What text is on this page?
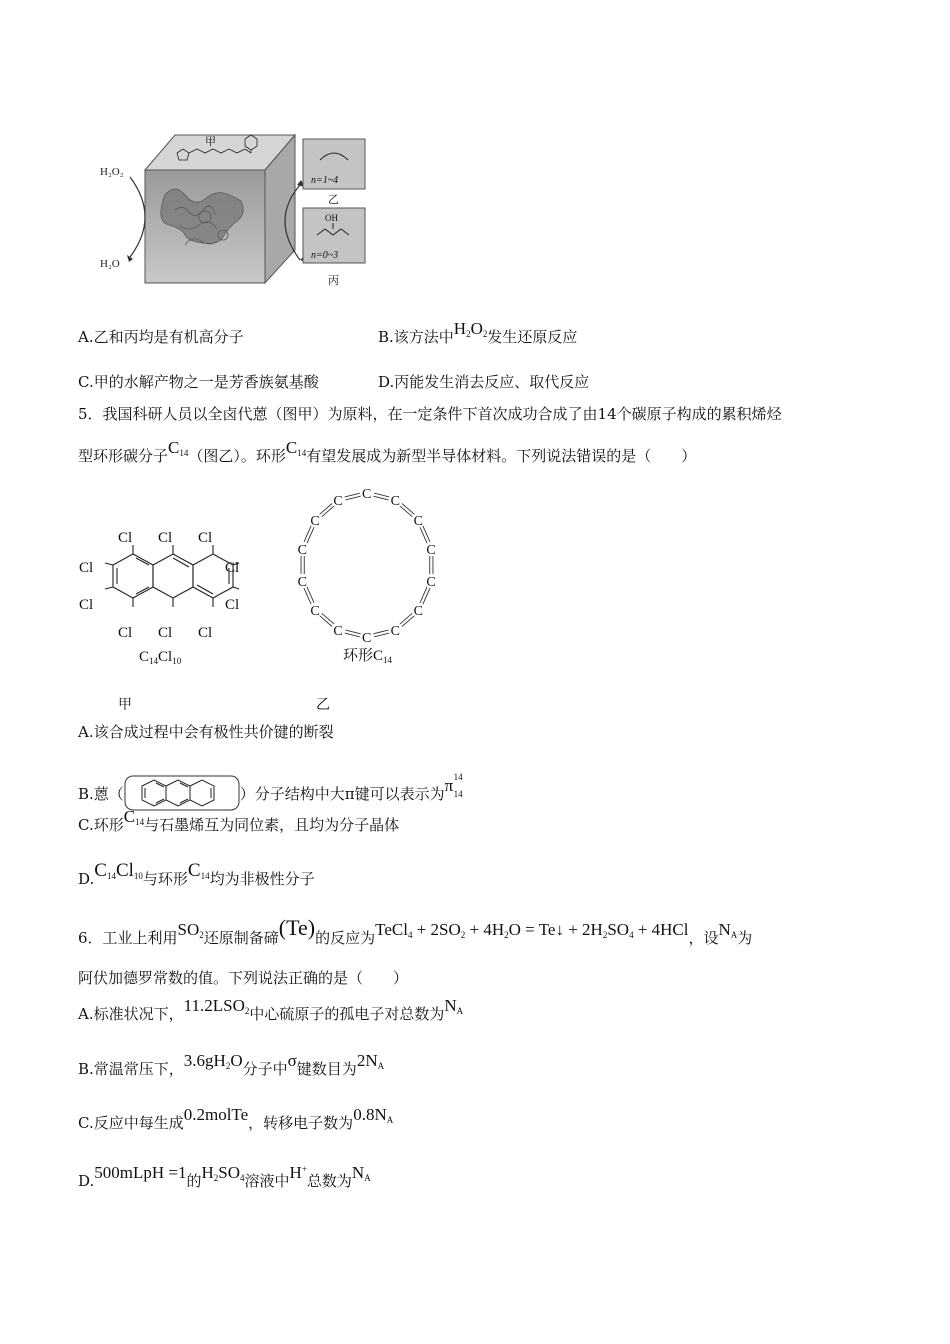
甲
H₂O₂
H₂O
n=1~4
乙
OH
n=0~3
丙
A.乙和丙均是有机高分子	B.该方法中$H_2O_2$发生还原反应
C.甲的水解产物之一是芳香族氨基酸	D.丙能发生消去反应、取代反应
5．我国科研人员以全卤代蒽（图甲）为原料，在一定条件下首次成功合成了由14个碳原子构成的累积烯烃
型环形碳分子$C_{14}$（图乙）。环形$C_{14}$有望发展成为新型半导体材料。下列说法错误的是（　　）
Cl Cl Cl
Cl	Cl
Cl	Cl
Cl Cl Cl
$C_{14}Cl_{10}$
C C
C
C
C
C
C
C
C
C
C
C
C
C
环形$C_{14}$
甲	乙
A.该合成过程中会有极性共价键的断裂
B.蒽（	）分子结构中大π键可以表示为π 14
14
C.环形$C_{14}$与石墨烯互为同位素，且均为分子晶体
$D.C_{14}Cl_{10}$与环形$C_{14}$均为非极性分子
6．工业上利用$SO_2$还原制备碲(Te)的反应为TeCl$_4$ + $2SO_2 + 4H_2O$ = Te↓ + $2H_2SO_4 + 4HCl$，设$N_A$为
阿伏加德罗常数的值。下列说法正确的是（　　）
A.标准状况下，$11.2LSO_2$中心硫原子的孤电子对总数为$N_A$
B.常温常压下，$3.6gH_2O$分子中σ键数目为$2N_A$
C.反应中每生成0.2molTe，转移电子数为$0.8N_A$
D.500mLpH =1的$H_2SO_4$溶液中H+总数为$N_A$
